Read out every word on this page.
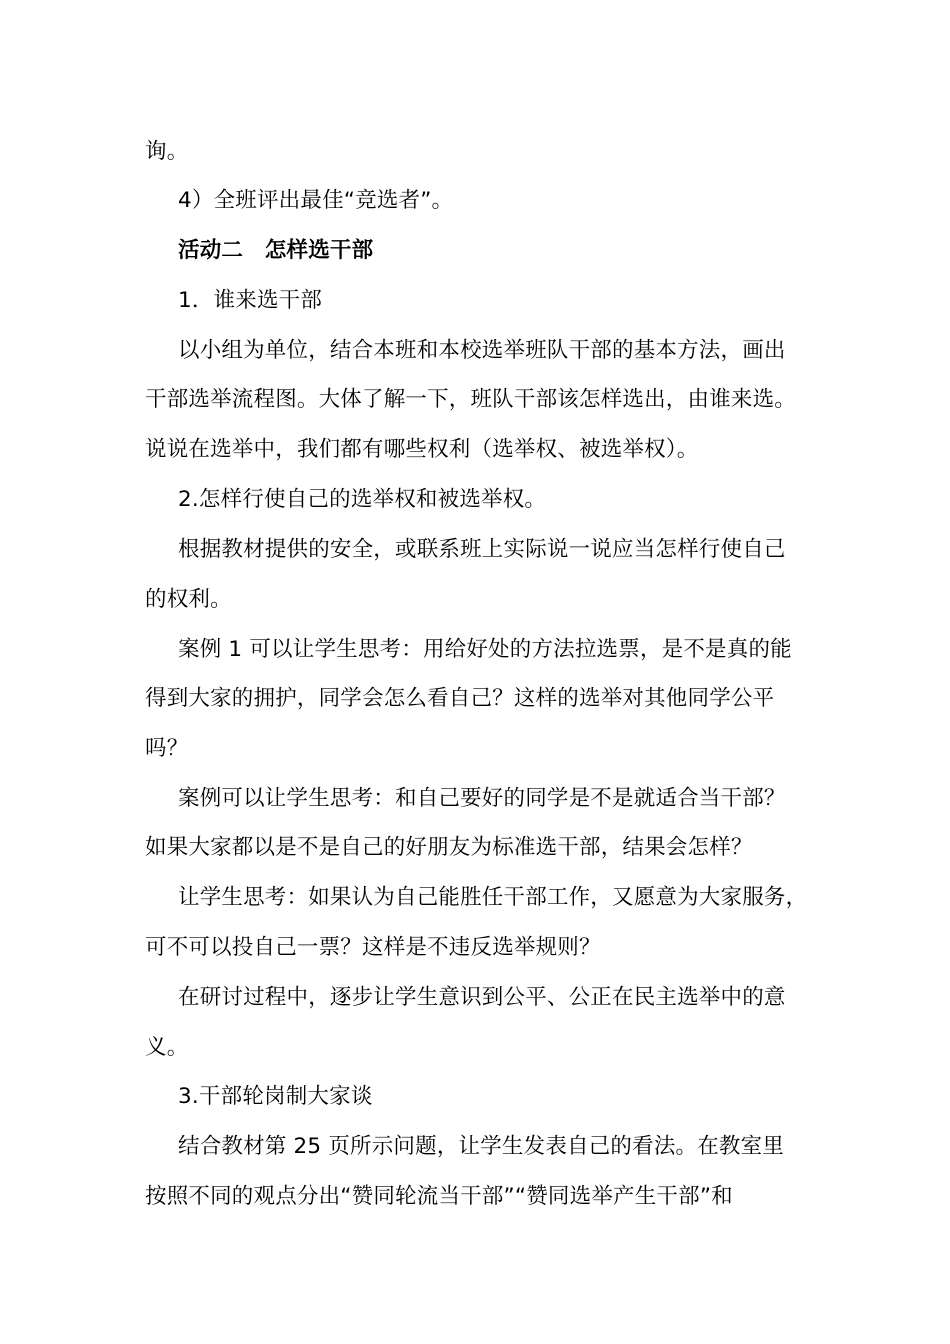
询。
4）全班评出最佳“竞选者”。
活动二　怎样选干部
1．谁来选干部
以小组为单位，结合本班和本校选举班队干部的基本方法，画出
干部选举流程图。大体了解一下，班队干部该怎样选出，由谁来选。
说说在选举中，我们都有哪些权利（选举权、被选举权）。
2.怎样行使自己的选举权和被选举权。
根据教材提供的安全，或联系班上实际说一说应当怎样行使自己
的权利。
案例 1 可以让学生思考：用给好处的方法拉选票，是不是真的能
得到大家的拥护，同学会怎么看自己？这样的选举对其他同学公平
吗？
案例可以让学生思考：和自己要好的同学是不是就适合当干部？
如果大家都以是不是自己的好朋友为标准选干部，结果会怎样？
让学生思考：如果认为自己能胜任干部工作，又愿意为大家服务，
可不可以投自己一票？这样是不违反选举规则？
在研讨过程中，逐步让学生意识到公平、公正在民主选举中的意
义。
3.干部轮岗制大家谈
结合教材第 25 页所示问题，让学生发表自己的看法。在教室里
按照不同的观点分出“赞同轮流当干部”“赞同选举产生干部”和
